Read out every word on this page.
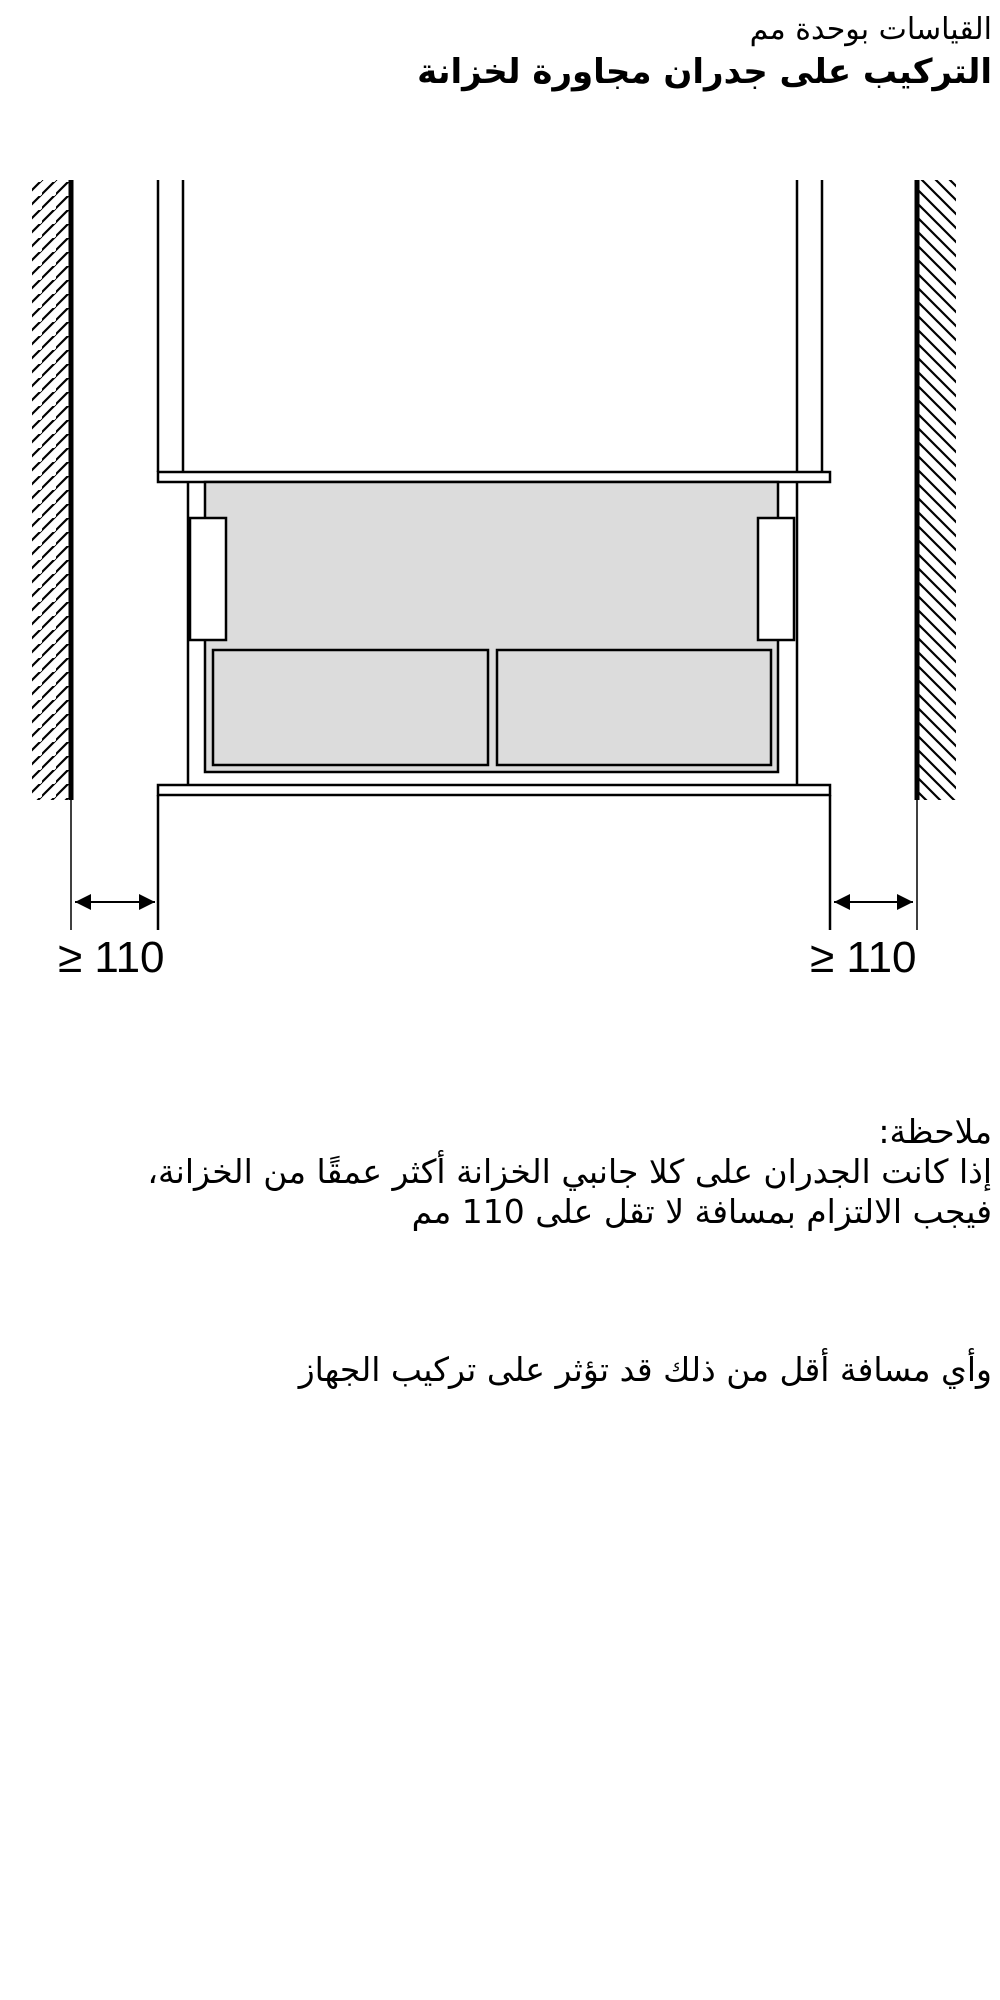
القياسات بوحدة مم
التركيب على جدران مجاورة لخزانة
≥ 110	≥ 110

ملاحظة:

إذا كانت الجدران على كلا جانبي الخزانة أكثر عمقًا من الخزانة،

فيجب الالتزام بمسافة لا تقل على 110 مم

وأي مسافة أقل من ذلك قد تؤثر على تركيب الجهاز
